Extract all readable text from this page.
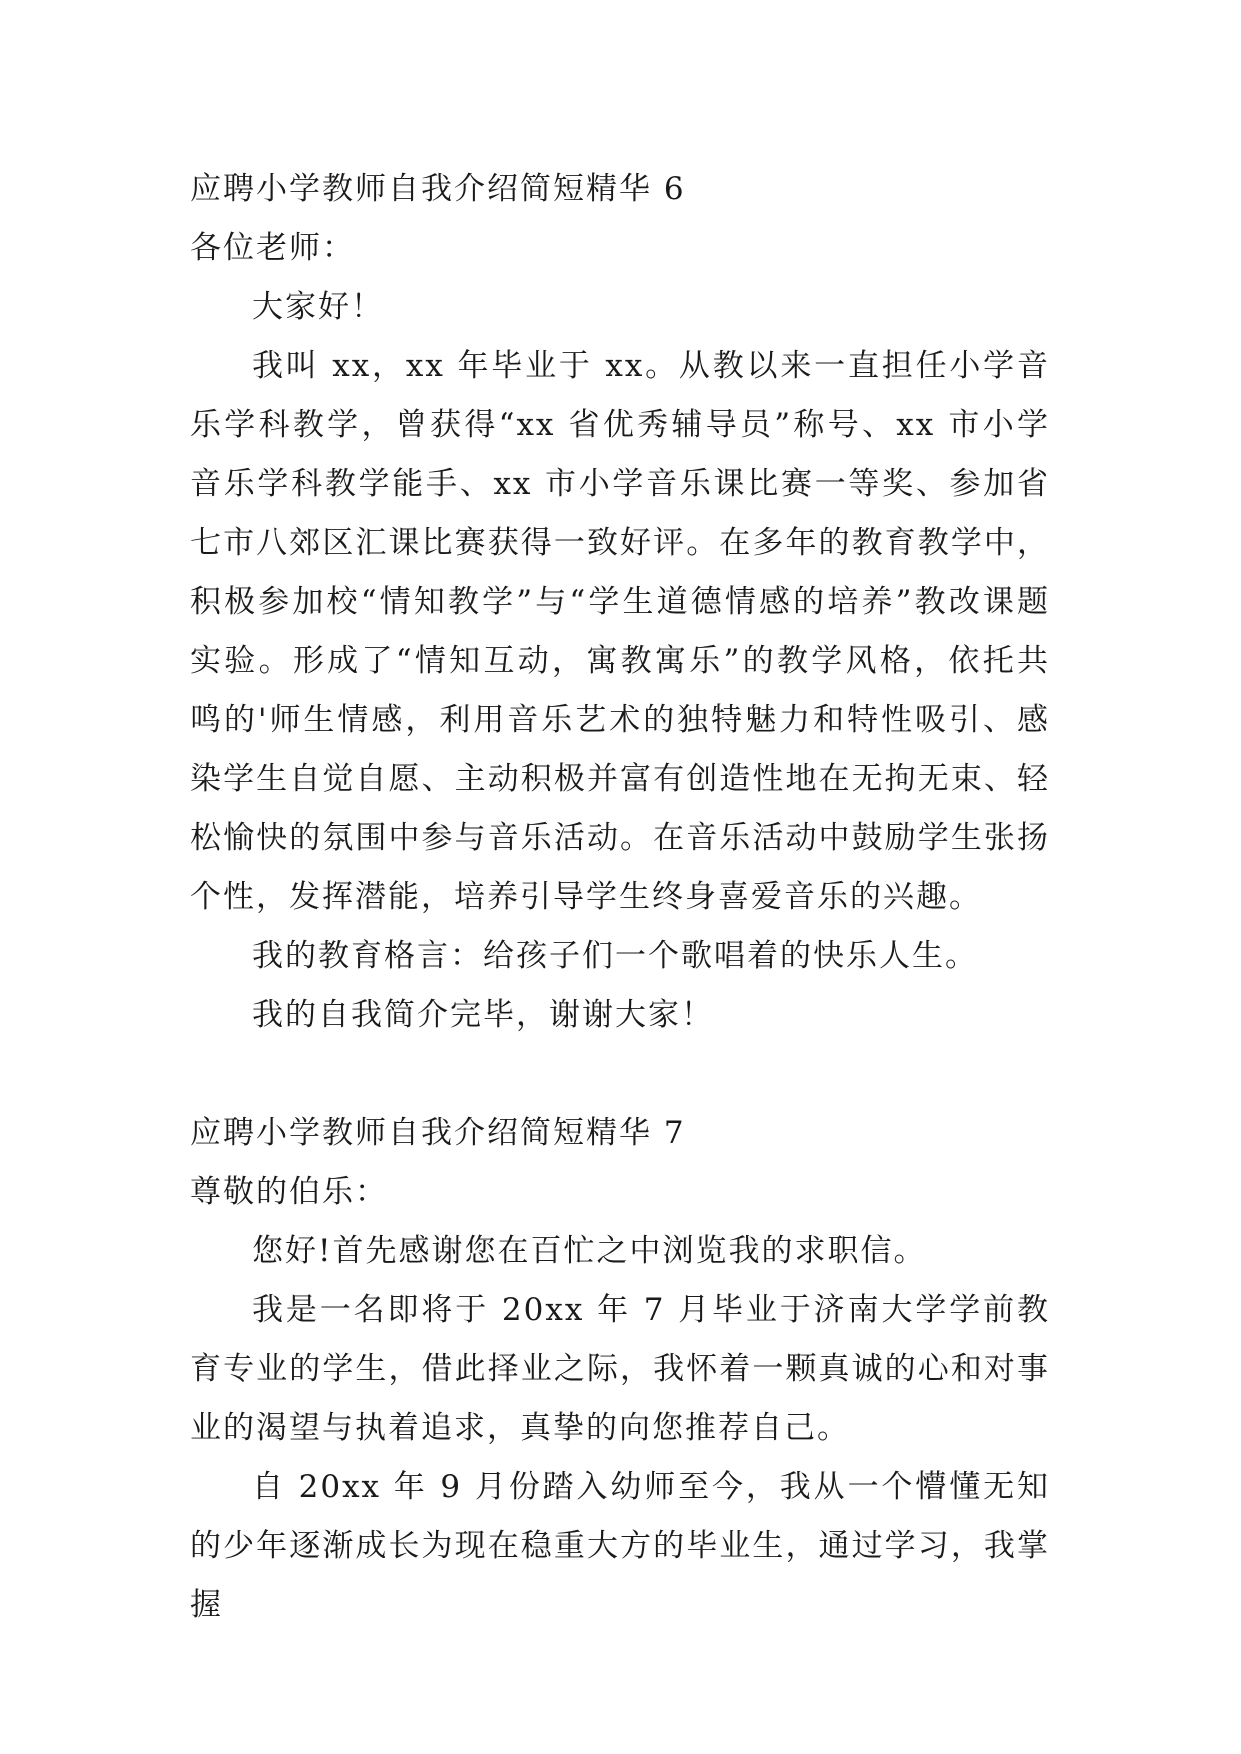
应聘小学教师自我介绍简短精华 6

各位老师：

大家好！

我叫 xx，xx 年毕业于 xx。从教以来一直担任小学音乐学科教学，曾获得“xx 省优秀辅导员”称号、xx 市小学音乐学科教学能手、xx 市小学音乐课比赛一等奖、参加省七市八郊区汇课比赛获得一致好评。在多年的教育教学中，积极参加校“情知教学”与“学生道德情感的培养”教改课题实验。形成了“情知互动，寓教寓乐”的教学风格，依托共鸣的'师生情感，利用音乐艺术的独特魅力和特性吸引、感染学生自觉自愿、主动积极并富有创造性地在无拘无束、轻松愉快的氛围中参与音乐活动。在音乐活动中鼓励学生张扬个性，发挥潜能，培养引导学生终身喜爱音乐的兴趣。

我的教育格言：给孩子们一个歌唱着的快乐人生。

我的自我简介完毕，谢谢大家！

应聘小学教师自我介绍简短精华 7

尊敬的伯乐：

您好!首先感谢您在百忙之中浏览我的求职信。

我是一名即将于 20xx 年 7 月毕业于济南大学学前教育专业的学生，借此择业之际，我怀着一颗真诚的心和对事业的渴望与执着追求，真挚的向您推荐自己。

自 20xx 年 9 月份踏入幼师至今，我从一个懵懂无知的少年逐渐成长为现在稳重大方的毕业生，通过学习，我掌握
